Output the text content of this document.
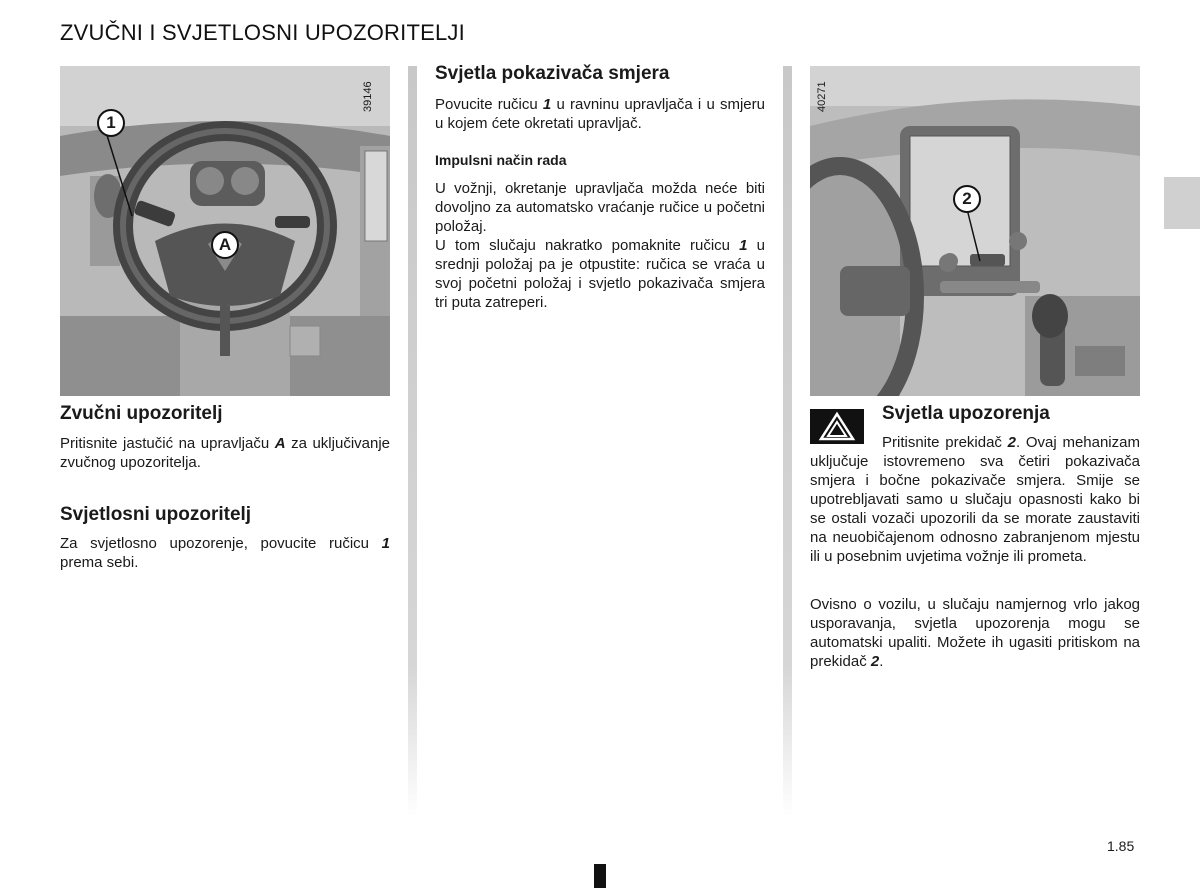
ZVUČNI I SVJETLOSNI UPOZORITELJI
39146
1
A
Zvučni upozoritelj

Pritisnite jastučić na upravljaču A za uključivanje zvučnog upozoritelja.

Svjetlosni upozoritelj

Za svjetlosno upozorenje, povucite ručicu 1 prema sebi.

Svjetla pokazivača smjera

Povucite ručicu 1 u ravninu upravljača i u smjeru u kojem ćete okretati upravljač.

Impulsni način rada

U vožnji, okretanje upravljača možda neće biti dovoljno za automatsko vraćanje ručice u početni položaj.

U tom slučaju nakratko pomaknite ručicu 1 u srednji položaj pa je otpustite: ručica se vraća u svoj početni položaj i svjetlo pokazivača smjera tri puta zatreperi.

40271
2
Svjetla upozorenja

Pritisnite prekidač 2. Ovaj mehanizam uključuje istovremeno sva četiri pokazivača smjera i bočne pokazivače smjera. Smije se upotrebljavati samo u slučaju opasnosti kako bi se ostali vozači upozorili da se morate zaustaviti na neuobičajenom odnosno zabranjenom mjestu ili u posebnim uvjetima vožnje ili prometa.

Ovisno o vozilu, u slučaju namjernog vrlo jakog usporavanja, svjetla upozorenja mogu se automatski upaliti. Možete ih ugasiti pritiskom na prekidač 2.

1.85
